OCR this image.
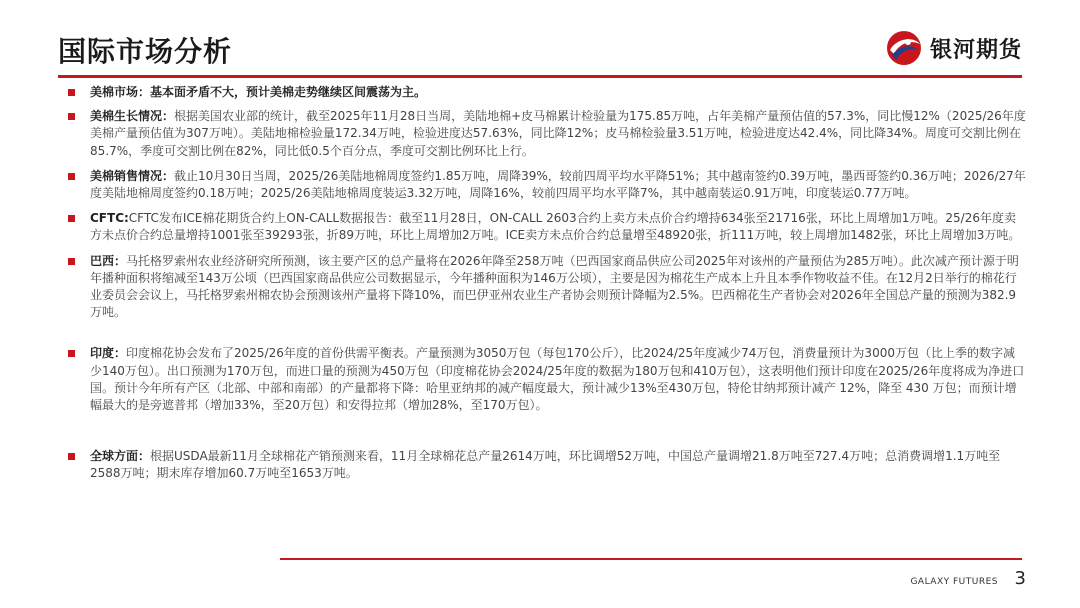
国际市场分析	银河期货
美棉市场：基本面矛盾不大，预计美棉走势继续区间震荡为主。
美棉生长情况：根据美国农业部的统计，截至2025年11月28日当周，美陆地棉+皮马棉累计检验量为175.85万吨，占年美棉产量预估值的57.3%，同比慢12%（2025/26年度美棉产量预估值为307万吨）。美陆地棉检验量172.34万吨，检验进度达57.63%，同比降12%；皮马棉检验量3.51万吨，检验进度达42.4%，同比降34%。周度可交割比例在85.7%，季度可交割比例在82%，同比低0.5个百分点，季度可交割比例环比上行。
美棉销售情况：截止10月30日当周，2025/26美陆地棉周度签约1.85万吨，周降39%，较前四周平均水平降51%；其中越南签约0.39万吨，墨西哥签约0.36万吨；2026/27年度美陆地棉周度签约0.18万吨；2025/26美陆地棉周度装运3.32万吨，周降16%，较前四周平均水平降7%，其中越南装运0.91万吨，印度装运0.77万吨。
CFTC:CFTC发布ICE棉花期货合约上ON-CALL数据报告：截至11月28日，ON-CALL 2603合约上卖方未点价合约增持634张至21716张，环比上周增加1万吨。25/26年度卖方未点价合约总量增持1001张至39293张，折89万吨，环比上周增加2万吨。ICE卖方未点价合约总量增至48920张，折111万吨，较上周增加1482张，环比上周增加3万吨。
巴西：马托格罗索州农业经济研究所预测，该主要产区的总产量将在2026年降至258万吨（巴西国家商品供应公司2025年对该州的产量预估为285万吨）。此次减产预计源于明年播种面积将缩减至143万公顷（巴西国家商品供应公司数据显示，今年播种面积为146万公顷），主要是因为棉花生产成本上升且本季作物收益不佳。在12月2日举行的棉花行业委员会会议上，马托格罗索州棉农协会预测该州产量将下降10%，而巴伊亚州农业生产者协会则预计降幅为2.5%。巴西棉花生产者协会对2026年全国总产量的预测为382.9万吨。
印度：印度棉花协会发布了2025/26年度的首份供需平衡表。产量预测为3050万包（每包170公斤），比2024/25年度减少74万包，消费量预计为3000万包（比上季的数字减少140万包）。出口预测为170万包，而进口量的预测为450万包（印度棉花协会2024/25年度的数据为180万包和410万包），这表明他们预计印度在2025/26年度将成为净进口国。预计今年所有产区（北部、中部和南部）的产量都将下降：哈里亚纳邦的减产幅度最大，预计减少13%至430万包，特伦甘纳邦预计减产 12%，降至 430 万包；而预计增幅最大的是旁遮普邦（增加33%，至20万包）和安得拉邦（增加28%，至170万包）。
全球方面：根据USDA最新11月全球棉花产销预测来看，11月全球棉花总产量2614万吨，环比调增52万吨，中国总产量调增21.8万吨至727.4万吨；总消费调增1.1万吨至2588万吨；期末库存增加60.7万吨至1653万吨。
GALAXY FUTURES 3
